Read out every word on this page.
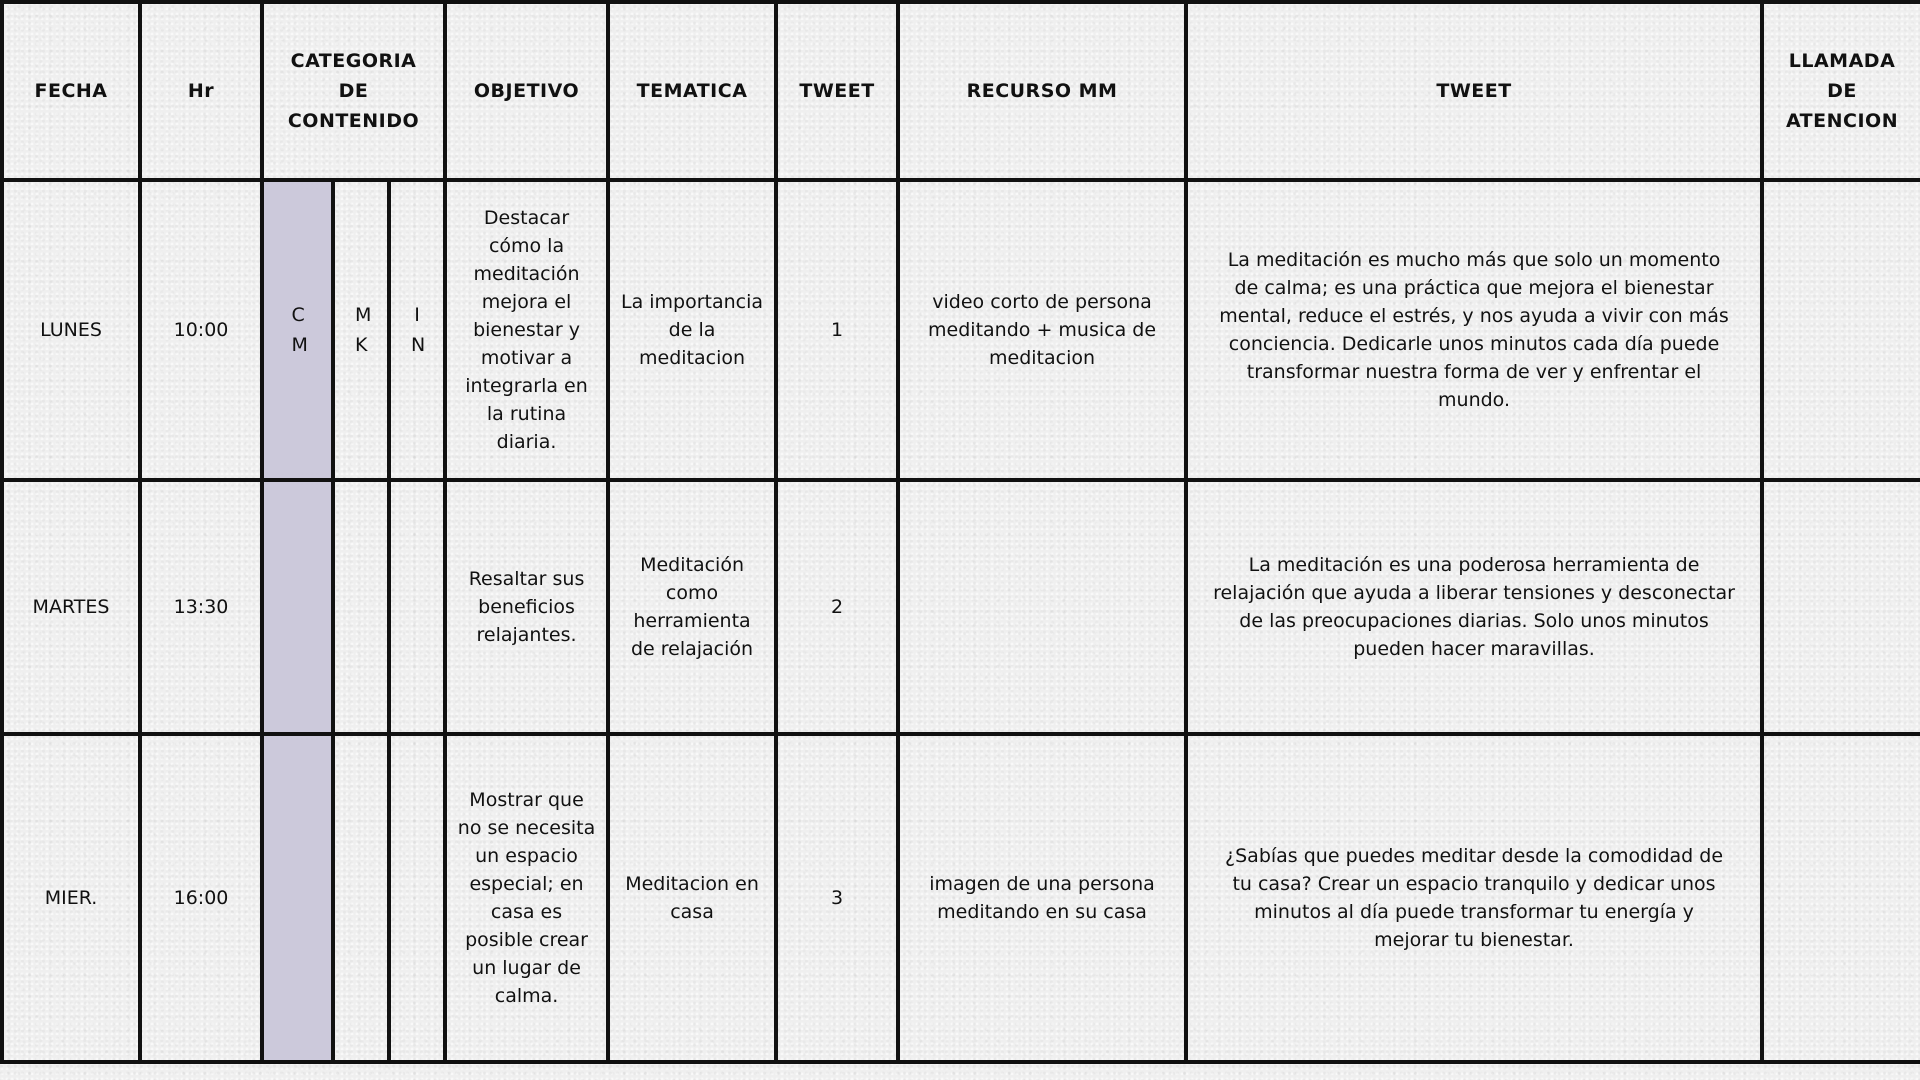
FECHA	Hr	CATEGORIA DE CONTENIDO			OBJETIVO	TEMATICA	TWEET	RECURSO MM	TWEET	LLAMADA DE ATENCION
LUNES	10:00	CM	MK	IN	Destacar cómo la meditación mejora el bienestar y motivar a integrarla en la rutina diaria.	La importancia de la meditacion	1	video corto de persona meditando + musica de meditacion	La meditación es mucho más que solo un momento de calma; es una práctica que mejora el bienestar mental, reduce el estrés, y nos ayuda a vivir con más conciencia. Dedicarle unos minutos cada día puede transformar nuestra forma de ver y enfrentar el mundo.	
MARTES	13:30				Resaltar sus beneficios relajantes.	Meditación como herramienta de relajación	2		La meditación es una poderosa herramienta de relajación que ayuda a liberar tensiones y desconectar de las preocupaciones diarias. Solo unos minutos pueden hacer maravillas.	
MIER.	16:00				Mostrar que no se necesita un espacio especial; en casa es posible crear un lugar de calma.	Meditacion en casa	3	imagen de una persona meditando en su casa	¿Sabías que puedes meditar desde la comodidad de tu casa? Crear un espacio tranquilo y dedicar unos minutos al día puede transformar tu energía y mejorar tu bienestar.	
